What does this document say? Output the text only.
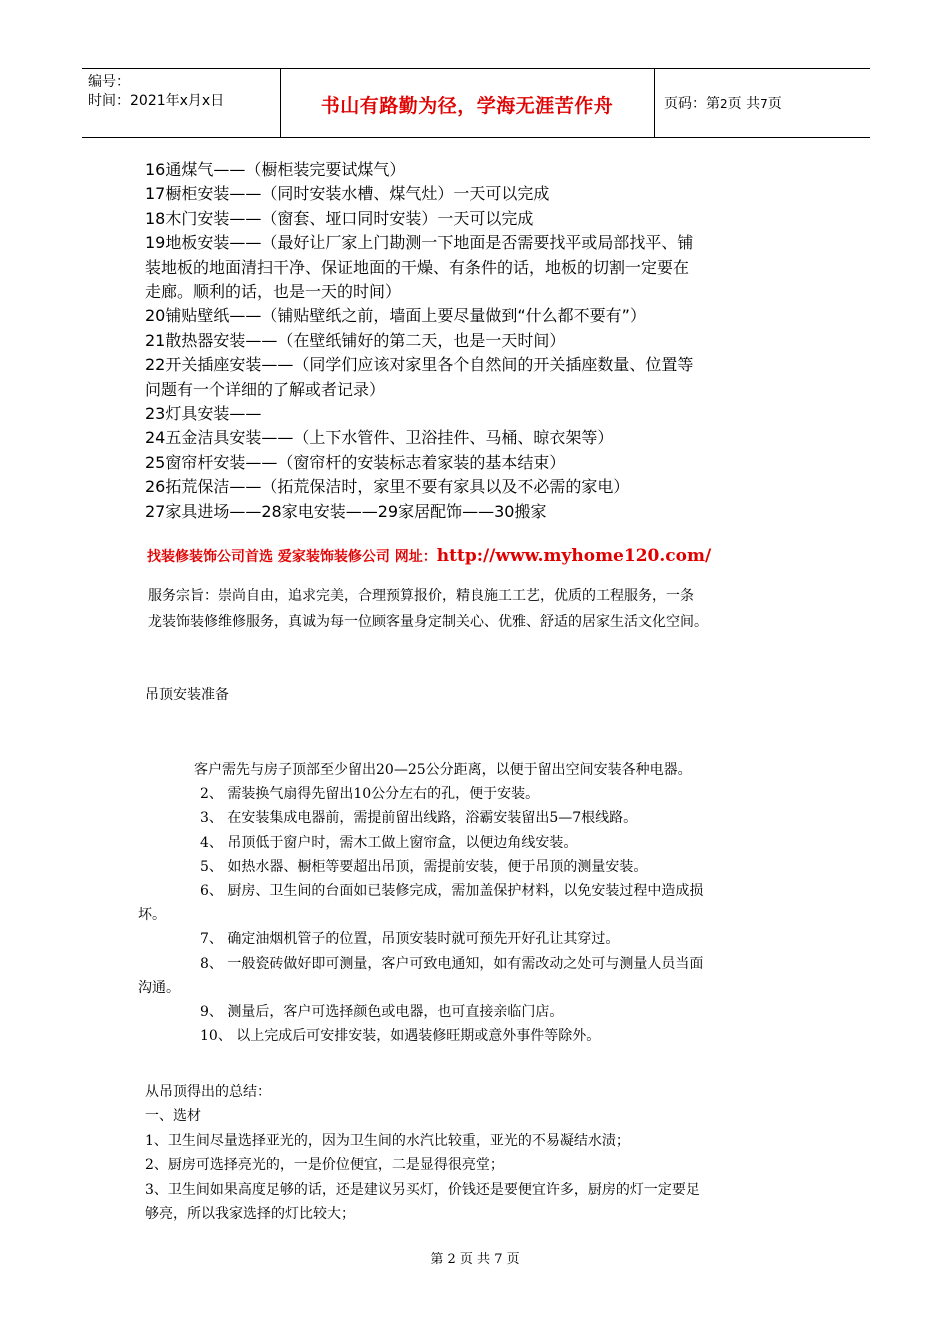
编号：
时间：2021年x月x日	书山有路勤为径，学海无涯苦作舟	页码：第2页 共7页
16通煤气——（橱柜装完要试煤气）
17橱柜安装——（同时安装水槽、煤气灶）一天可以完成
18木门安装——（窗套、垭口同时安装）一天可以完成
19地板安装——（最好让厂家上门勘测一下地面是否需要找平或局部找平、铺
装地板的地面清扫干净、保证地面的干燥、有条件的话，地板的切割一定要在
走廊。顺利的话，也是一天的时间）
20铺贴壁纸——（铺贴壁纸之前，墙面上要尽量做到“什么都不要有”）
21散热器安装——（在壁纸铺好的第二天，也是一天时间）
22开关插座安装——（同学们应该对家里各个自然间的开关插座数量、位置等
问题有一个详细的了解或者记录）
23灯具安装——
24五金洁具安装——（上下水管件、卫浴挂件、马桶、晾衣架等）
25窗帘杆安装——（窗帘杆的安装标志着家装的基本结束）
26拓荒保洁——（拓荒保洁时，家里不要有家具以及不必需的家电）
27家具进场——28家电安装——29家居配饰——30搬家
找装修装饰公司首选 爱家装饰装修公司 网址：http://www.myhome120.com/
服务宗旨：崇尚自由，追求完美，合理预算报价，精良施工工艺，优质的工程服务，一条
龙装饰装修维修服务，真诚为每一位顾客量身定制关心、优雅、舒适的居家生活文化空间。
吊顶安装准备
客户需先与房子顶部至少留出20—25公分距离，以便于留出空间安装各种电器。
2、 需装换气扇得先留出10公分左右的孔，便于安装。
3、 在安装集成电器前，需提前留出线路，浴霸安装留出5—7根线路。
4、 吊顶低于窗户时，需木工做上窗帘盒，以便边角线安装。
5、 如热水器、橱柜等要超出吊顶，需提前安装，便于吊顶的测量安装。
6、 厨房、卫生间的台面如已装修完成，需加盖保护材料，以免安装过程中造成损
坏。
7、 确定油烟机管子的位置，吊顶安装时就可预先开好孔让其穿过。
8、 一般瓷砖做好即可测量，客户可致电通知，如有需改动之处可与测量人员当面
沟通。
9、 测量后，客户可选择颜色或电器，也可直接亲临门店。
10、 以上完成后可安排安装，如遇装修旺期或意外事件等除外。
从吊顶得出的总结：
一、选材
1、卫生间尽量选择亚光的，因为卫生间的水汽比较重，亚光的不易凝结水渍；
2、厨房可选择亮光的，一是价位便宜，二是显得很亮堂；
3、卫生间如果高度足够的话，还是建议另买灯，价钱还是要便宜许多，厨房的灯一定要足
够亮，所以我家选择的灯比较大；
第 2 页 共 7 页
